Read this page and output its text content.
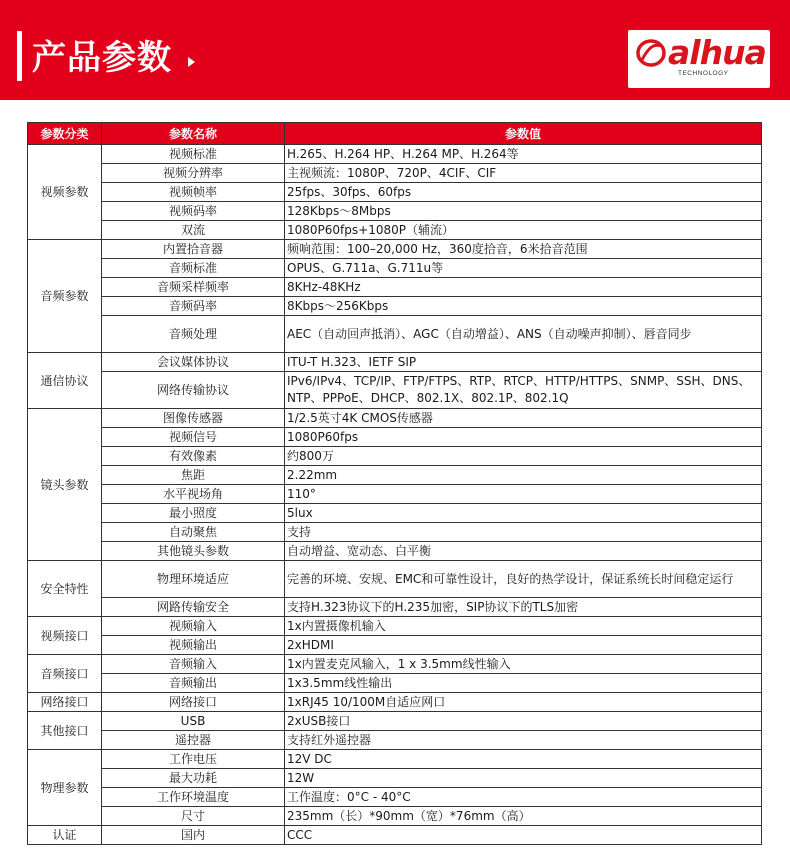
产品参数	alhua
TECHNOLOGY
参数分类	参数名称	参数值
视频参数	视频标准	H.265、H.264 HP、H.264 MP、H.264等
	视频分辨率	主视频流：1080P、720P、4CIF、CIF
	视频帧率	25fps、30fps、60fps
	视频码率	128Kbps～8Mbps
	双流	1080P60fps+1080P（辅流）
音频参数	内置拾音器	频响范围：100–20,000 Hz，360度拾音，6米拾音范围
	音频标准	OPUS、G.711a、G.711u等
	音频采样频率	8KHz-48KHz
	音频码率	8Kbps～256Kbps
	音频处理	AEC（自动回声抵消）、AGC（自动增益）、ANS（自动噪声抑制）、唇音同步
通信协议	会议媒体协议	ITU-T H.323、IETF SIP
	网络传输协议	IPv6/IPv4、TCP/IP、FTP/FTPS、RTP、RTCP、HTTP/HTTPS、SNMP、SSH、DNS、NTP、PPPoE、DHCP、802.1X、802.1P、802.1Q
镜头参数	图像传感器	1/2.5英寸4K CMOS传感器
	视频信号	1080P60fps
	有效像素	约800万
	焦距	2.22mm
	水平视场角	110°
	最小照度	5lux
	自动聚焦	支持
	其他镜头参数	自动增益、宽动态、白平衡
安全特性	物理环境适应	完善的环境、安规、EMC和可靠性设计，良好的热学设计，保证系统长时间稳定运行
	网路传输安全	支持H.323协议下的H.235加密，SIP协议下的TLS加密
视频接口	视频输入	1x内置摄像机输入
	视频输出	2xHDMI
音频接口	音频输入	1x内置麦克风输入，1 x 3.5mm线性输入
	音频输出	1x3.5mm线性输出
网络接口	网络接口	1xRJ45 10/100M自适应网口
其他接口	USB	2xUSB接口
	遥控器	支持红外遥控器
物理参数	工作电压	12V DC
	最大功耗	12W
	工作环境温度	工作温度：0°C - 40°C
	尺寸	235mm（长）*90mm（宽）*76mm（高）
认证	国内	CCC
